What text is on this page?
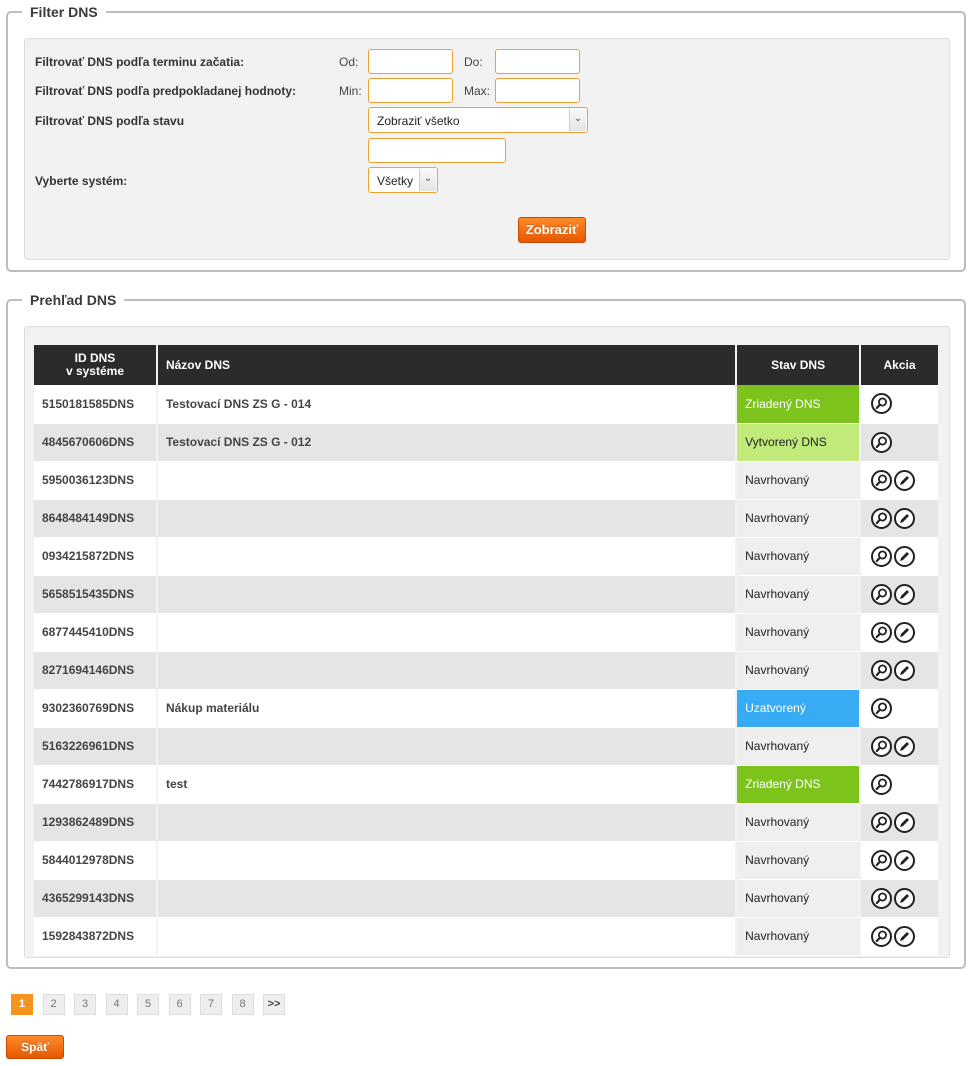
Filter DNS
Filtrovať DNS podľa terminu začatia:	Od:	Do:
Filtrovať DNS podľa predpokladanej hodnoty:	Min:	Max:
Filtrovať DNS podľa stavu	Zobraziť všetko	⌄
Vyberte systém:	Všetky	⌄
Zobraziť
Prehľad DNS
ID DNS
v systéme	Názov DNS	Stav DNS	Akcia
5150181585DNS	Testovací DNS ZS G - 014	Zriadený DNS	

4845670606DNS	Testovací DNS ZS G - 012	Vytvorený DNS	

5950036123DNS		Navrhovaný	

8648484149DNS		Navrhovaný	

0934215872DNS		Navrhovaný	

5658515435DNS		Navrhovaný	

6877445410DNS		Navrhovaný	

8271694146DNS		Navrhovaný	

9302360769DNS	Nákup materiálu	Uzatvorený	

5163226961DNS		Navrhovaný	

7442786917DNS	test	Zriadený DNS	

1293862489DNS		Navrhovaný	

5844012978DNS		Navrhovaný	

4365299143DNS		Navrhovaný	

1592843872DNS		Navrhovaný	
1	2	3	4	5	6	7	8	>>
Späť
